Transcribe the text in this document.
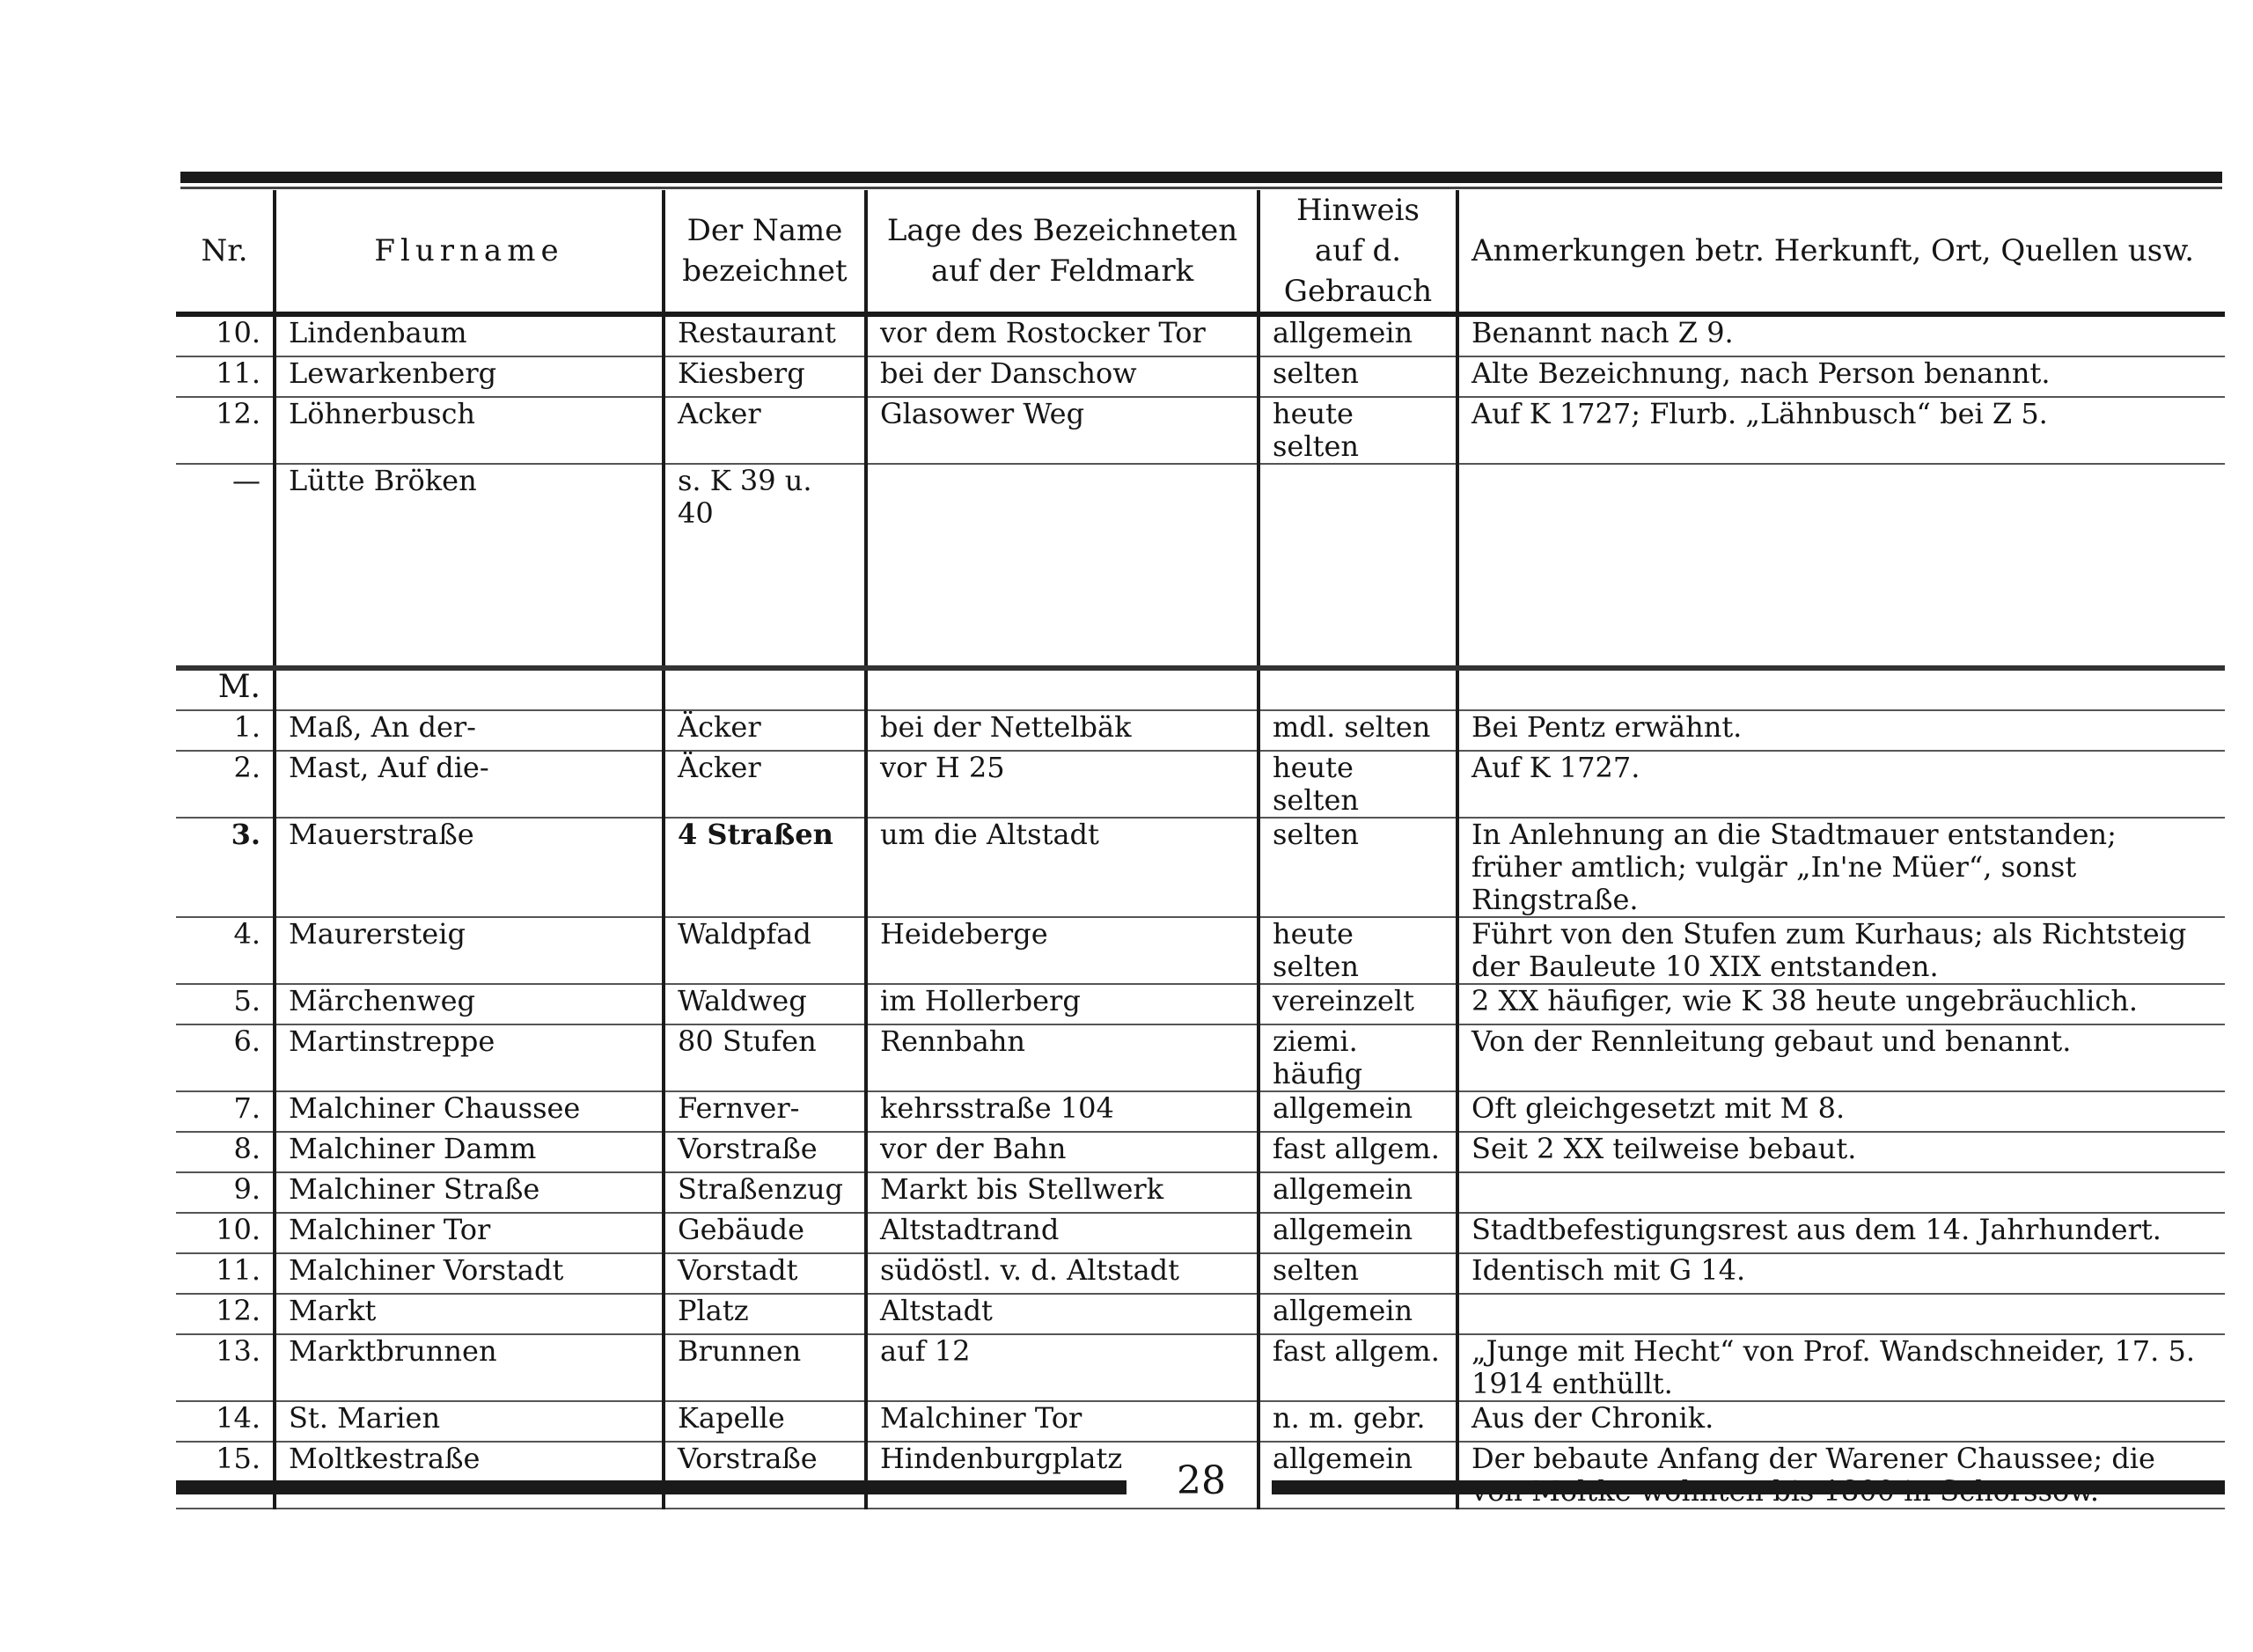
Nr.	Flurname	Der Name bezeichnet	Lage des Bezeichneten auf der Feldmark	Hinweis auf d. Gebrauch	Anmerkungen betr. Herkunft, Ort, Quellen usw.
10.	Lindenbaum	Restaurant	vor dem Rostocker Tor	allgemein	Benannt nach Z 9.
11.	Lewarkenberg	Kiesberg	bei der Danschow	selten	Alte Bezeichnung, nach Person benannt.
12.	Löhnerbusch	Acker	Glasower Weg	heute selten	Auf K 1727; Flurb. „Lähnbusch“ bei Z 5.
—	Lütte Bröken	s. K 39 u. 40			
M.					
1.	Maß, An der-	Äcker	bei der Nettelbäk	mdl. selten	Bei Pentz erwähnt.
2.	Mast, Auf die-	Äcker	vor H 25	heute selten	Auf K 1727.
3.	Mauerstraße	4 Straßen	um die Altstadt	selten	In Anlehnung an die Stadtmauer entstanden; früher amtlich; vulgär „In'ne Müer“, sonst Ringstraße.
4.	Maurersteig	Waldpfad	Heideberge	heute selten	Führt von den Stufen zum Kurhaus; als Richtsteig der Bauleute 10 XIX entstanden.
5.	Märchenweg	Waldweg	im Hollerberg	vereinzelt	2 XX häufiger, wie K 38 heute ungebräuchlich.
6.	Martinstreppe	80 Stufen	Rennbahn	ziemi. häufig	Von der Rennleitung gebaut und benannt.
7.	Malchiner Chaussee	Fernver-	kehrsstraße 104	allgemein	Oft gleichgesetzt mit M 8.
8.	Malchiner Damm	Vorstraße	vor der Bahn	fast allgem.	Seit 2 XX teilweise bebaut.
9.	Malchiner Straße	Straßenzug	Markt bis Stellwerk	allgemein	
10.	Malchiner Tor	Gebäude	Altstadtrand	allgemein	Stadtbefestigungsrest aus dem 14. Jahrhundert.
11.	Malchiner Vorstadt	Vorstadt	südöstl. v. d. Altstadt	selten	Identisch mit G 14.
12.	Markt	Platz	Altstadt	allgemein	
13.	Marktbrunnen	Brunnen	auf 12	fast allgem.	„Junge mit Hecht“ von Prof. Wandschneider, 17. 5. 1914 enthüllt.
14.	St. Marien	Kapelle	Malchiner Tor	n. m. gebr.	Aus der Chronik.
15.	Moltkestraße	Vorstraße	Hindenburgplatz	allgemein	Der bebaute Anfang der Warener Chaussee; die
28
